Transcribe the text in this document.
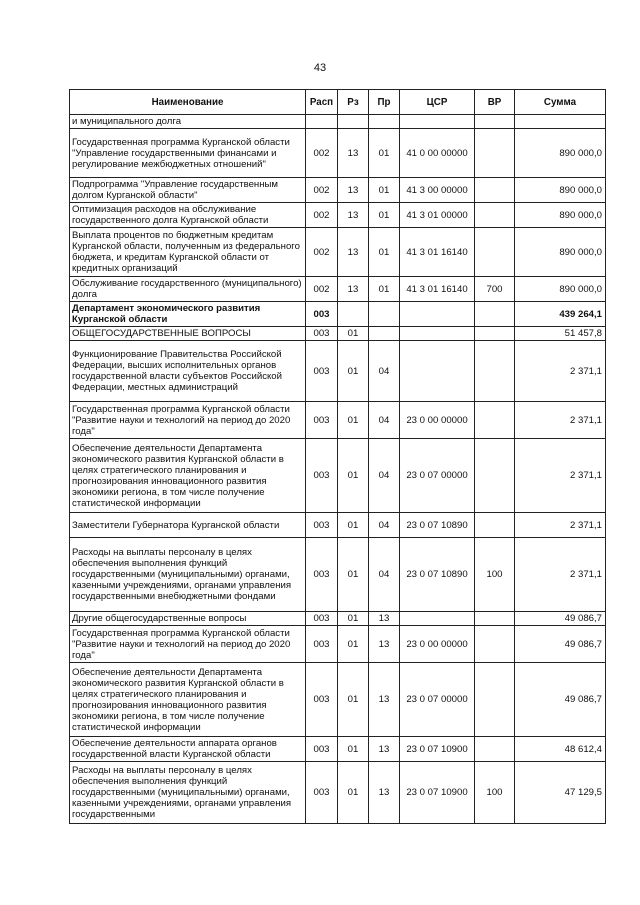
43
Наименование	Расп	Рз	Пр	ЦСР	ВР	Сумма
и муниципального долга						
Государственная программа Курганской области "Управление государственными финансами и регулирование межбюджетных отношений"	002	13	01	41 0 00 00000		890 000,0
Подпрограмма "Управление государственным долгом Курганской области"	002	13	01	41 3 00 00000		890 000,0
Оптимизация расходов на обслуживание государственного долга Курганской области	002	13	01	41 3 01 00000		890 000,0
Выплата процентов по бюджетным кредитам Курганской области, полученным из федерального бюджета, и кредитам Курганской области от кредитных организаций	002	13	01	41 3 01 16140		890 000,0
Обслуживание государственного (муниципального) долга	002	13	01	41 3 01 16140	700	890 000,0
Департамент экономического развития Курганской области	003					439 264,1
ОБЩЕГОСУДАРСТВЕННЫЕ ВОПРОСЫ	003	01				51 457,8
Функционирование Правительства Российской Федерации, высших исполнительных органов государственной власти субъектов Российской Федерации, местных администраций	003	01	04			2 371,1
Государственная программа Курганской области "Развитие науки и технологий на период до 2020 года"	003	01	04	23 0 00 00000		2 371,1
Обеспечение деятельности Департамента экономического развития Курганской области в целях стратегического планирования и прогнозирования инновационного развития экономики региона, в том числе получение статистической информации	003	01	04	23 0 07 00000		2 371,1
Заместители Губернатора Курганской области	003	01	04	23 0 07 10890		2 371,1
Расходы на выплаты персоналу в целях обеспечения выполнения функций государственными (муниципальными) органами, казенными учреждениями, органами управления государственными внебюджетными фондами	003	01	04	23 0 07 10890	100	2 371,1
Другие общегосударственные вопросы	003	01	13			49 086,7
Государственная программа Курганской области "Развитие науки и технологий на период до 2020 года"	003	01	13	23 0 00 00000		49 086,7
Обеспечение деятельности Департамента экономического развития Курганской области в целях стратегического планирования и прогнозирования инновационного развития экономики региона, в том числе получение статистической информации	003	01	13	23 0 07 00000		49 086,7
Обеспечение деятельности аппарата органов государственной власти Курганской области	003	01	13	23 0 07 10900		48 612,4
Расходы на выплаты персоналу в целях обеспечения выполнения функций государственными (муниципальными) органами, казенными учреждениями, органами управления государственными	003	01	13	23 0 07 10900	100	47 129,5
